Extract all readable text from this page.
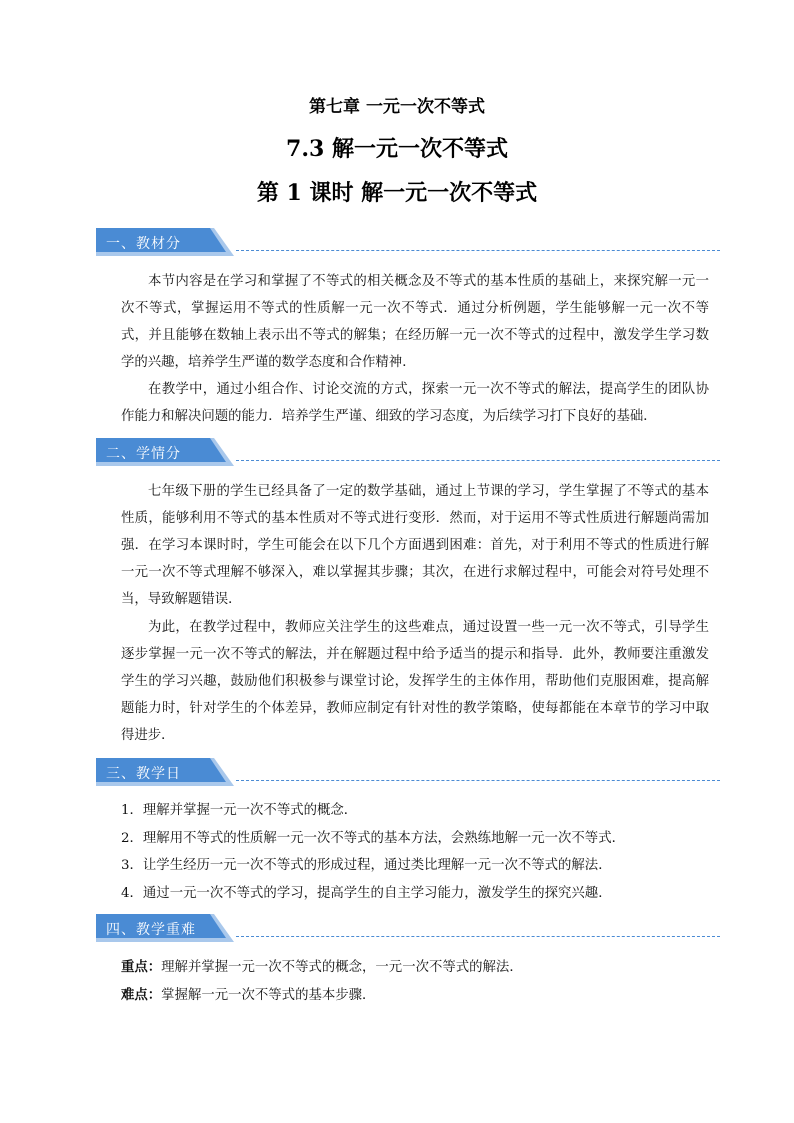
第七章 一元一次不等式
7.3 解一元一次不等式
第 1 课时 解一元一次不等式
一、教材分

本节内容是在学习和掌握了不等式的相关概念及不等式的基本性质的基础上，来探究解一元一次不等式，掌握运用不等式的性质解一元一次不等式．通过分析例题，学生能够解一元一次不等式，并且能够在数轴上表示出不等式的解集；在经历解一元一次不等式的过程中，激发学生学习数学的兴趣，培养学生严谨的数学态度和合作精神．

在教学中，通过小组合作、讨论交流的方式，探索一元一次不等式的解法，提高学生的团队协作能力和解决问题的能力．培养学生严谨、细致的学习态度，为后续学习打下良好的基础．

二、学情分

七年级下册的学生已经具备了一定的数学基础，通过上节课的学习，学生掌握了不等式的基本性质，能够利用不等式的基本性质对不等式进行变形．然而，对于运用不等式性质进行解题尚需加强．在学习本课时时，学生可能会在以下几个方面遇到困难：首先，对于利用不等式的性质进行解一元一次不等式理解不够深入，难以掌握其步骤；其次，在进行求解过程中，可能会对符号处理不当，导致解题错误．

为此，在教学过程中，教师应关注学生的这些难点，通过设置一些一元一次不等式，引导学生逐步掌握一元一次不等式的解法，并在解题过程中给予适当的提示和指导．此外，教师要注重激发学生的学习兴趣，鼓励他们积极参与课堂讨论，发挥学生的主体作用，帮助他们克服困难，提高解题能力时，针对学生的个体差异，教师应制定有针对性的教学策略，使每都能在本章节的学习中取得进步．

三、教学日
1．理解并掌握一元一次不等式的概念．
2．理解用不等式的性质解一元一次不等式的基本方法，会熟练地解一元一次不等式．
3．让学生经历一元一次不等式的形成过程，通过类比理解一元一次不等式的解法．
4．通过一元一次不等式的学习，提高学生的自主学习能力，激发学生的探究兴趣．
四、教学重难
重点：理解并掌握一元一次不等式的概念，一元一次不等式的解法．
难点：掌握解一元一次不等式的基本步骤．
